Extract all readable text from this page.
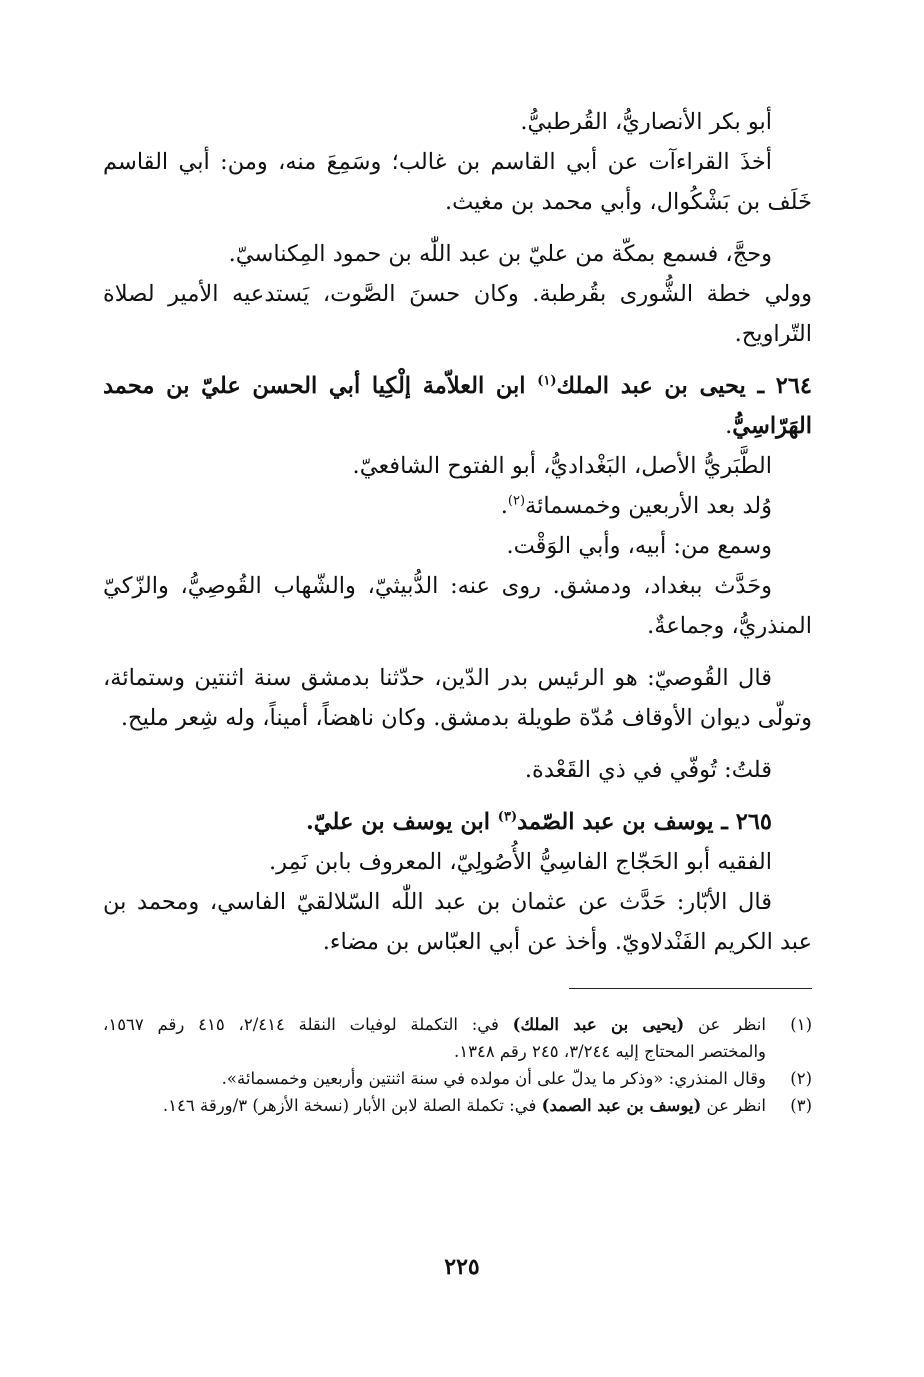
أبو بكر الأنصاريُّ، القُرطبيُّ.
أخذَ القراءآت عن أبي القاسم بن غالب؛ وسَمِعَ منه، ومن: أبي القاسم
خَلَف بن بَشْكُوال، وأبي محمد بن مغيث.
وحجَّ، فسمع بمكّة من عليّ بن عبد اللّٰه بن حمود المِكناسيّ.
وولي خطة الشُّورى بقُرطبة. وكان حسنَ الصَّوت، يَستدعيه الأمير لصلاة
التّراويح.
٢٦٤ ـ يحيى بن عبد الملك$^{(١)}$ ابن العلاّمة إلْكِيا أبي الحسن عليّ بن محمد
الهَرّاسِيُّ.
الطَّبَريُّ الأصل، البَغْداديُّ، أبو الفتوح الشافعيّ.
وُلد بعد الأربعين وخمسمائة$^{(٢)}$.
وسمع من: أبيه، وأبي الوَقْت.
وحَدَّث ببغداد، ودمشق. روى عنه: الدُّبيثيّ، والشّهاب القُوصِيُّ، والزّكيّ
المنذريُّ، وجماعةٌ.
قال القُوصيّ: هو الرئيس بدر الدّين، حدّثنا بدمشق سنة اثنتين وستمائة،
وتولّى ديوان الأوقاف مُدّة طويلة بدمشق. وكان ناهضاً، أميناً، وله شِعر مليح.
قلتُ: تُوفّي في ذي القَعْدة.
٢٦٥ ـ يوسف بن عبد الصّمد$^{(٣)}$ ابن يوسف بن عليّ.
الفقيه أبو الحَجّاج الفاسِيُّ الأُصُولِيّ، المعروف بابن نَمِر.
قال الأبّار: حَدَّث عن عثمان بن عبد اللّٰه السّلالقيّ الفاسي، ومحمد بن
عبد الكريم الفَنْدلاويّ. وأخذ عن أبي العبّاس بن مضاء.
(١)
انظر عن (يحيى بن عبد الملك) في: التكملة لوفيات النقلة ٢/٤١٤، ٤١٥ رقم ١٥٦٧،
والمختصر المحتاج إليه ٣/٢٤٤، ٢٤٥ رقم ١٣٤٨.
(٢)
وقال المنذري: «وذكر ما يدلّ على أن مولده في سنة اثنتين وأربعين وخمسمائة».
(٣)
انظر عن (يوسف بن عبد الصمد) في: تكملة الصلة لابن الأبار (نسخة الأزهر) ٣/ورقة ١٤٦.
٢٢٥
